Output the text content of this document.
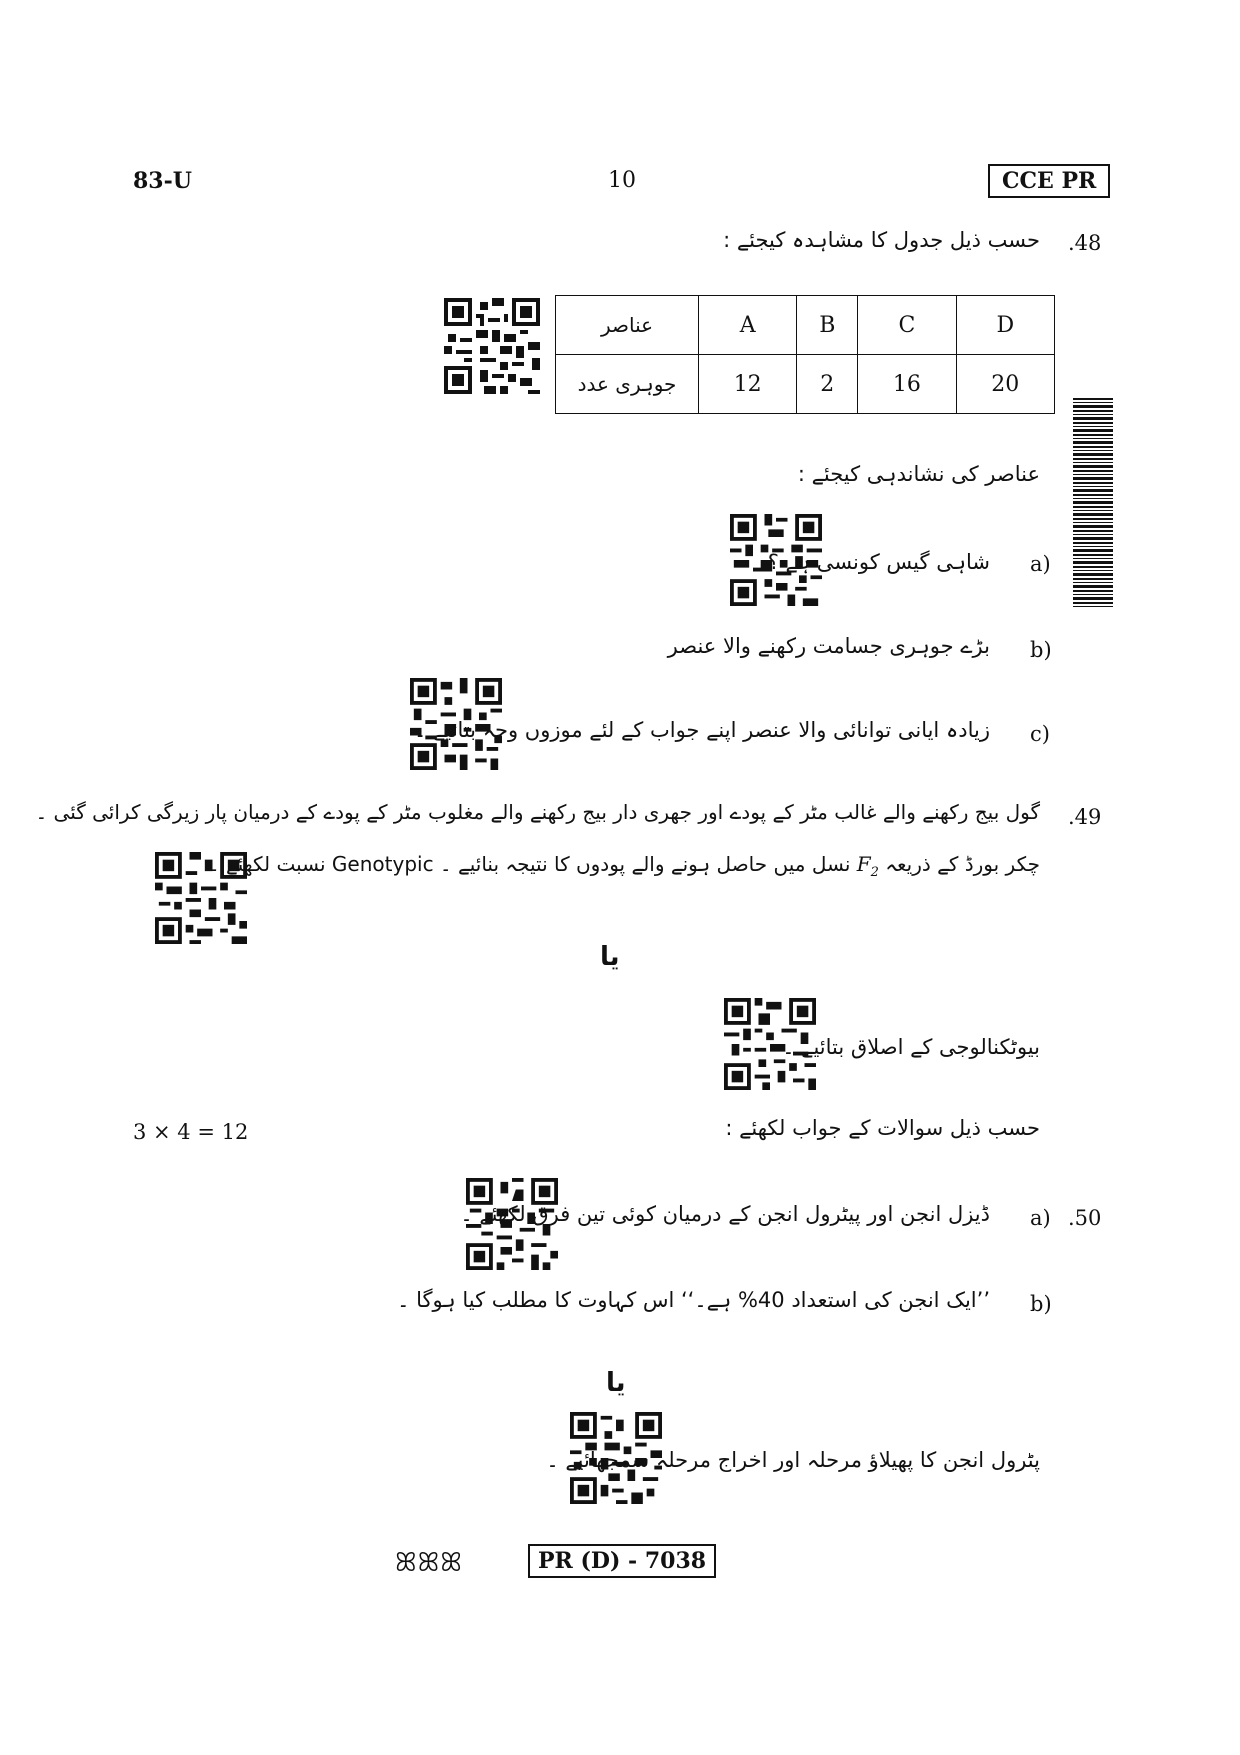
83-U	10	CCE PR
.48
حسب ذیل جدول کا مشاہدہ کیجئے :
عناصر	A	B	C	D
جوہری عدد	12	2	16	20
عناصر کی نشاندہی کیجئے :
a)
شاہی گیس کونسی ہے ؟
b)
بڑے جوہری جسامت رکھنے والا عنصر
c)
زیادہ ایانی توانائی والا عنصر اپنے جواب کے لئے موزوں وجہ بتائیے ۔
.49
گول بیج رکھنے والے غالب مٹر کے پودے اور جھری دار بیج رکھنے والے مغلوب مٹر کے پودے کے درمیان پار زیرگی کرائی گئی ۔
چکر بورڈ کے ذریعہ $F_2$ نسل میں حاصل ہونے والے پودوں کا نتیجہ بنائیے ۔ Genotypic نسبت لکھئے ۔
یا
بیوٹکنالوجی کے اصلاق بتائیے ۔
3 × 4 = 12	حسب ذیل سوالات کے جواب لکھئے :
.50
a)
ڈیزل انجن اور پیٹرول انجن کے درمیان کوئی تین فرق لکھئے ۔
b)
’’ایک انجن کی استعداد 40% ہے۔‘‘ اس کہاوت کا مطلب کیا ہوگا ۔
یا
پٹرول انجن کا پھیلاؤ مرحلہ اور اخراج مرحلہ سمجھائیے ۔
ꕤꕤꕤ	PR (D) - 7038
